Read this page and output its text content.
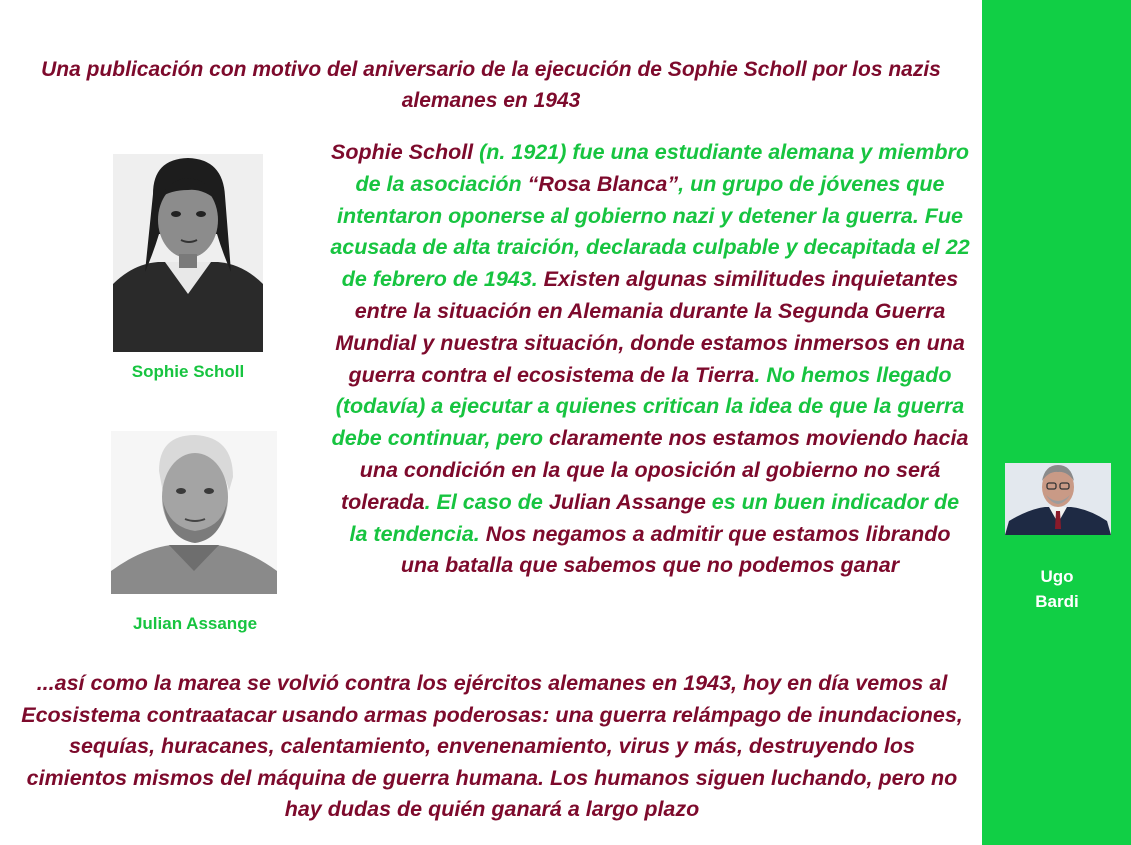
Una publicación con motivo del aniversario de la ejecución de Sophie Scholl por los nazis alemanes en 1943
Sophie Scholl
Julian Assange
Sophie Scholl (n. 1921) fue una estudiante alemana y miembro de la asociación “Rosa Blanca”, un grupo de jóvenes que intentaron oponerse al gobierno nazi y detener la guerra. Fue acusada de alta traición, declarada culpable y decapitada el 22 de febrero de 1943. Existen algunas similitudes inquietantes entre la situación en Alemania durante la Segunda Guerra Mundial y nuestra situación, donde estamos inmersos en una guerra contra el ecosistema de la Tierra. No hemos llegado (todavía) a ejecutar a quienes critican la idea de que la guerra debe continuar, pero claramente nos estamos moviendo hacia una condición en la que la oposición al gobierno no será tolerada. El caso de Julian Assange es un buen indicador de la tendencia. Nos negamos a admitir que estamos librando una batalla que sabemos que no podemos ganar
...así como la marea se volvió contra los ejércitos alemanes en 1943, hoy en día vemos al Ecosistema contraatacar usando armas poderosas: una guerra relámpago de inundaciones, sequías, huracanes, calentamiento, envenenamiento, virus y más, destruyendo los cimientos mismos del máquina de guerra humana. Los humanos siguen luchando, pero no hay dudas de quién ganará a largo plazo
Ugo
Bardi
